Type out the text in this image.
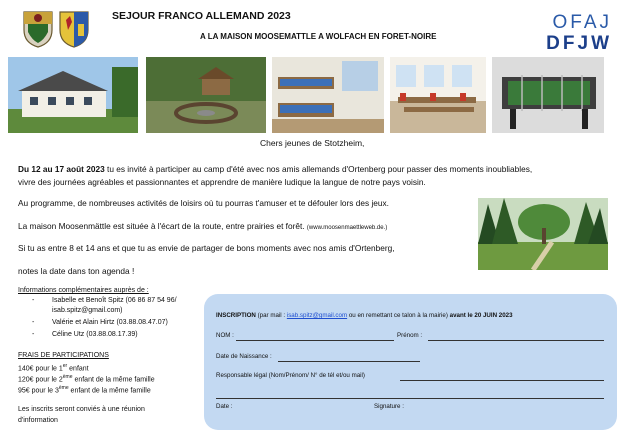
SEJOUR FRANCO ALLEMAND 2023
A LA MAISON MOOSEMATTLE A WOLFACH EN FORET-NOIRE
OFAJ
DFJW
Chers jeunes de Stotzheim,
Du 12 au 17 août 2023 tu es invité à participer au camp d'été avec nos amis allemands d'Ortenberg pour passer des moments inoubliables,
vivre des journées agréables et passionnantes et apprendre de manière ludique la langue de notre pays voisin.
Au programme, de nombreuses activités de loisirs où tu pourras t'amuser et te défouler lors des jeux.
La maison Moosenmättle est située à l'écart de la route, entre prairies et forêt. (www.moosenmaettleweb.de.)
Si tu as entre 8 et 14 ans et que tu as envie de partager de bons moments avec nos amis d'Ortenberg,
notes la date dans ton agenda !
Informations complémentaires auprès de :
-	Isabelle et Benoît Spitz (06 86 87 54 96/
isab.spitz@gmail.com)
-	Valérie et Alain Hirtz (03.88.08.47.07)
-	Céline Utz (03.88.08.17.39)
FRAIS DE PARTICIPATIONS
140€ pour le 1er enfant
120€ pour le 2ème enfant de la même famille
95€ pour le 3ème enfant de la même famille
Les inscrits seront conviés à une réunion
d'information
INSCRIPTION (par mail : isab.spitz@gmail.com ou en remettant ce talon à la mairie) avant le 20 JUIN 2023
NOM :	Prénom :
Date de Naissance :
Responsable légal (Nom/Prénom/ N° de tél et/ou mail)
Date :	Signature :
